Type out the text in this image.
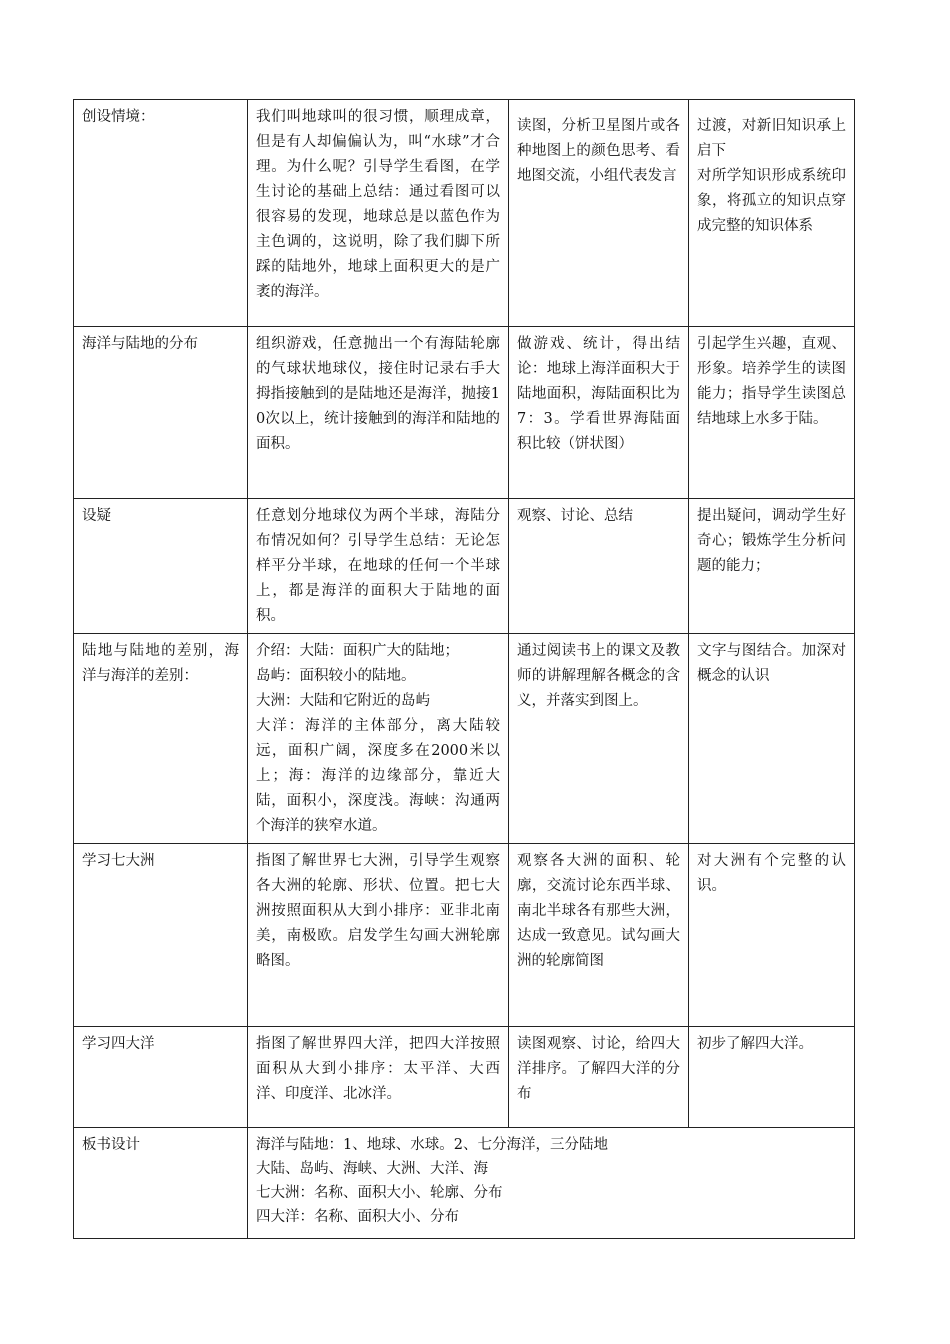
创设情境：	我们叫地球叫的很习惯，顺理成章，但是有人却偏偏认为，叫“水球”才合理。为什么呢？引导学生看图，在学生讨论的基础上总结：通过看图可以很容易的发现，地球总是以蓝色作为主色调的，这说明，除了我们脚下所踩的陆地外，地球上面积更大的是广袤的海洋。	读图，分析卫星图片或各种地图上的颜色思考、看地图交流，小组代表发言	过渡，对新旧知识承上启下
对所学知识形成系统印象，将孤立的知识点穿成完整的知识体系

海洋与陆地的分布	组织游戏，任意抛出一个有海陆轮廓的气球状地球仪，接住时记录右手大拇指接触到的是陆地还是海洋，抛接10次以上，统计接触到的海洋和陆地的面积。	做游戏、统计，得出结论：地球上海洋面积大于陆地面积，海陆面积比为7：3。学看世界海陆面积比较（饼状图）	引起学生兴趣，直观、形象。培养学生的读图能力；指导学生读图总结地球上水多于陆。
设疑	任意划分地球仪为两个半球，海陆分布情况如何？引导学生总结：无论怎样平分半球，在地球的任何一个半球上，都是海洋的面积大于陆地的面积。	观察、讨论、总结	提出疑问，调动学生好奇心；锻炼学生分析问题的能力；
陆地与陆地的差别，海洋与海洋的差别：	介绍：大陆：面积广大的陆地；
岛屿：面积较小的陆地。
大洲：大陆和它附近的岛屿
大洋：海洋的主体部分，离大陆较远，面积广阔，深度多在2000米以上；海：海洋的边缘部分，靠近大陆，面积小，深度浅。海峡：沟通两个海洋的狭窄水道。	通过阅读书上的课文及教师的讲解理解各概念的含义，并落实到图上。	文字与图结合。加深对概念的认识
学习七大洲	指图了解世界七大洲，引导学生观察各大洲的轮廓、形状、位置。把七大洲按照面积从大到小排序：亚非北南美，南极欧。启发学生勾画大洲轮廓略图。	观察各大洲的面积、轮廓，交流讨论东西半球、南北半球各有那些大洲，达成一致意见。试勾画大洲的轮廓简图	对大洲有个完整的认识。
学习四大洋	指图了解世界四大洋，把四大洋按照面积从大到小排序：太平洋、大西洋、印度洋、北冰洋。	读图观察、讨论，给四大洋排序。了解四大洋的分布	初步了解四大洋。
板书设计	海洋与陆地：1、地球、水球。2、七分海洋，三分陆地
大陆、岛屿、海峡、大洲、大洋、海
七大洲：名称、面积大小、轮廓、分布
四大洋：名称、面积大小、分布		
